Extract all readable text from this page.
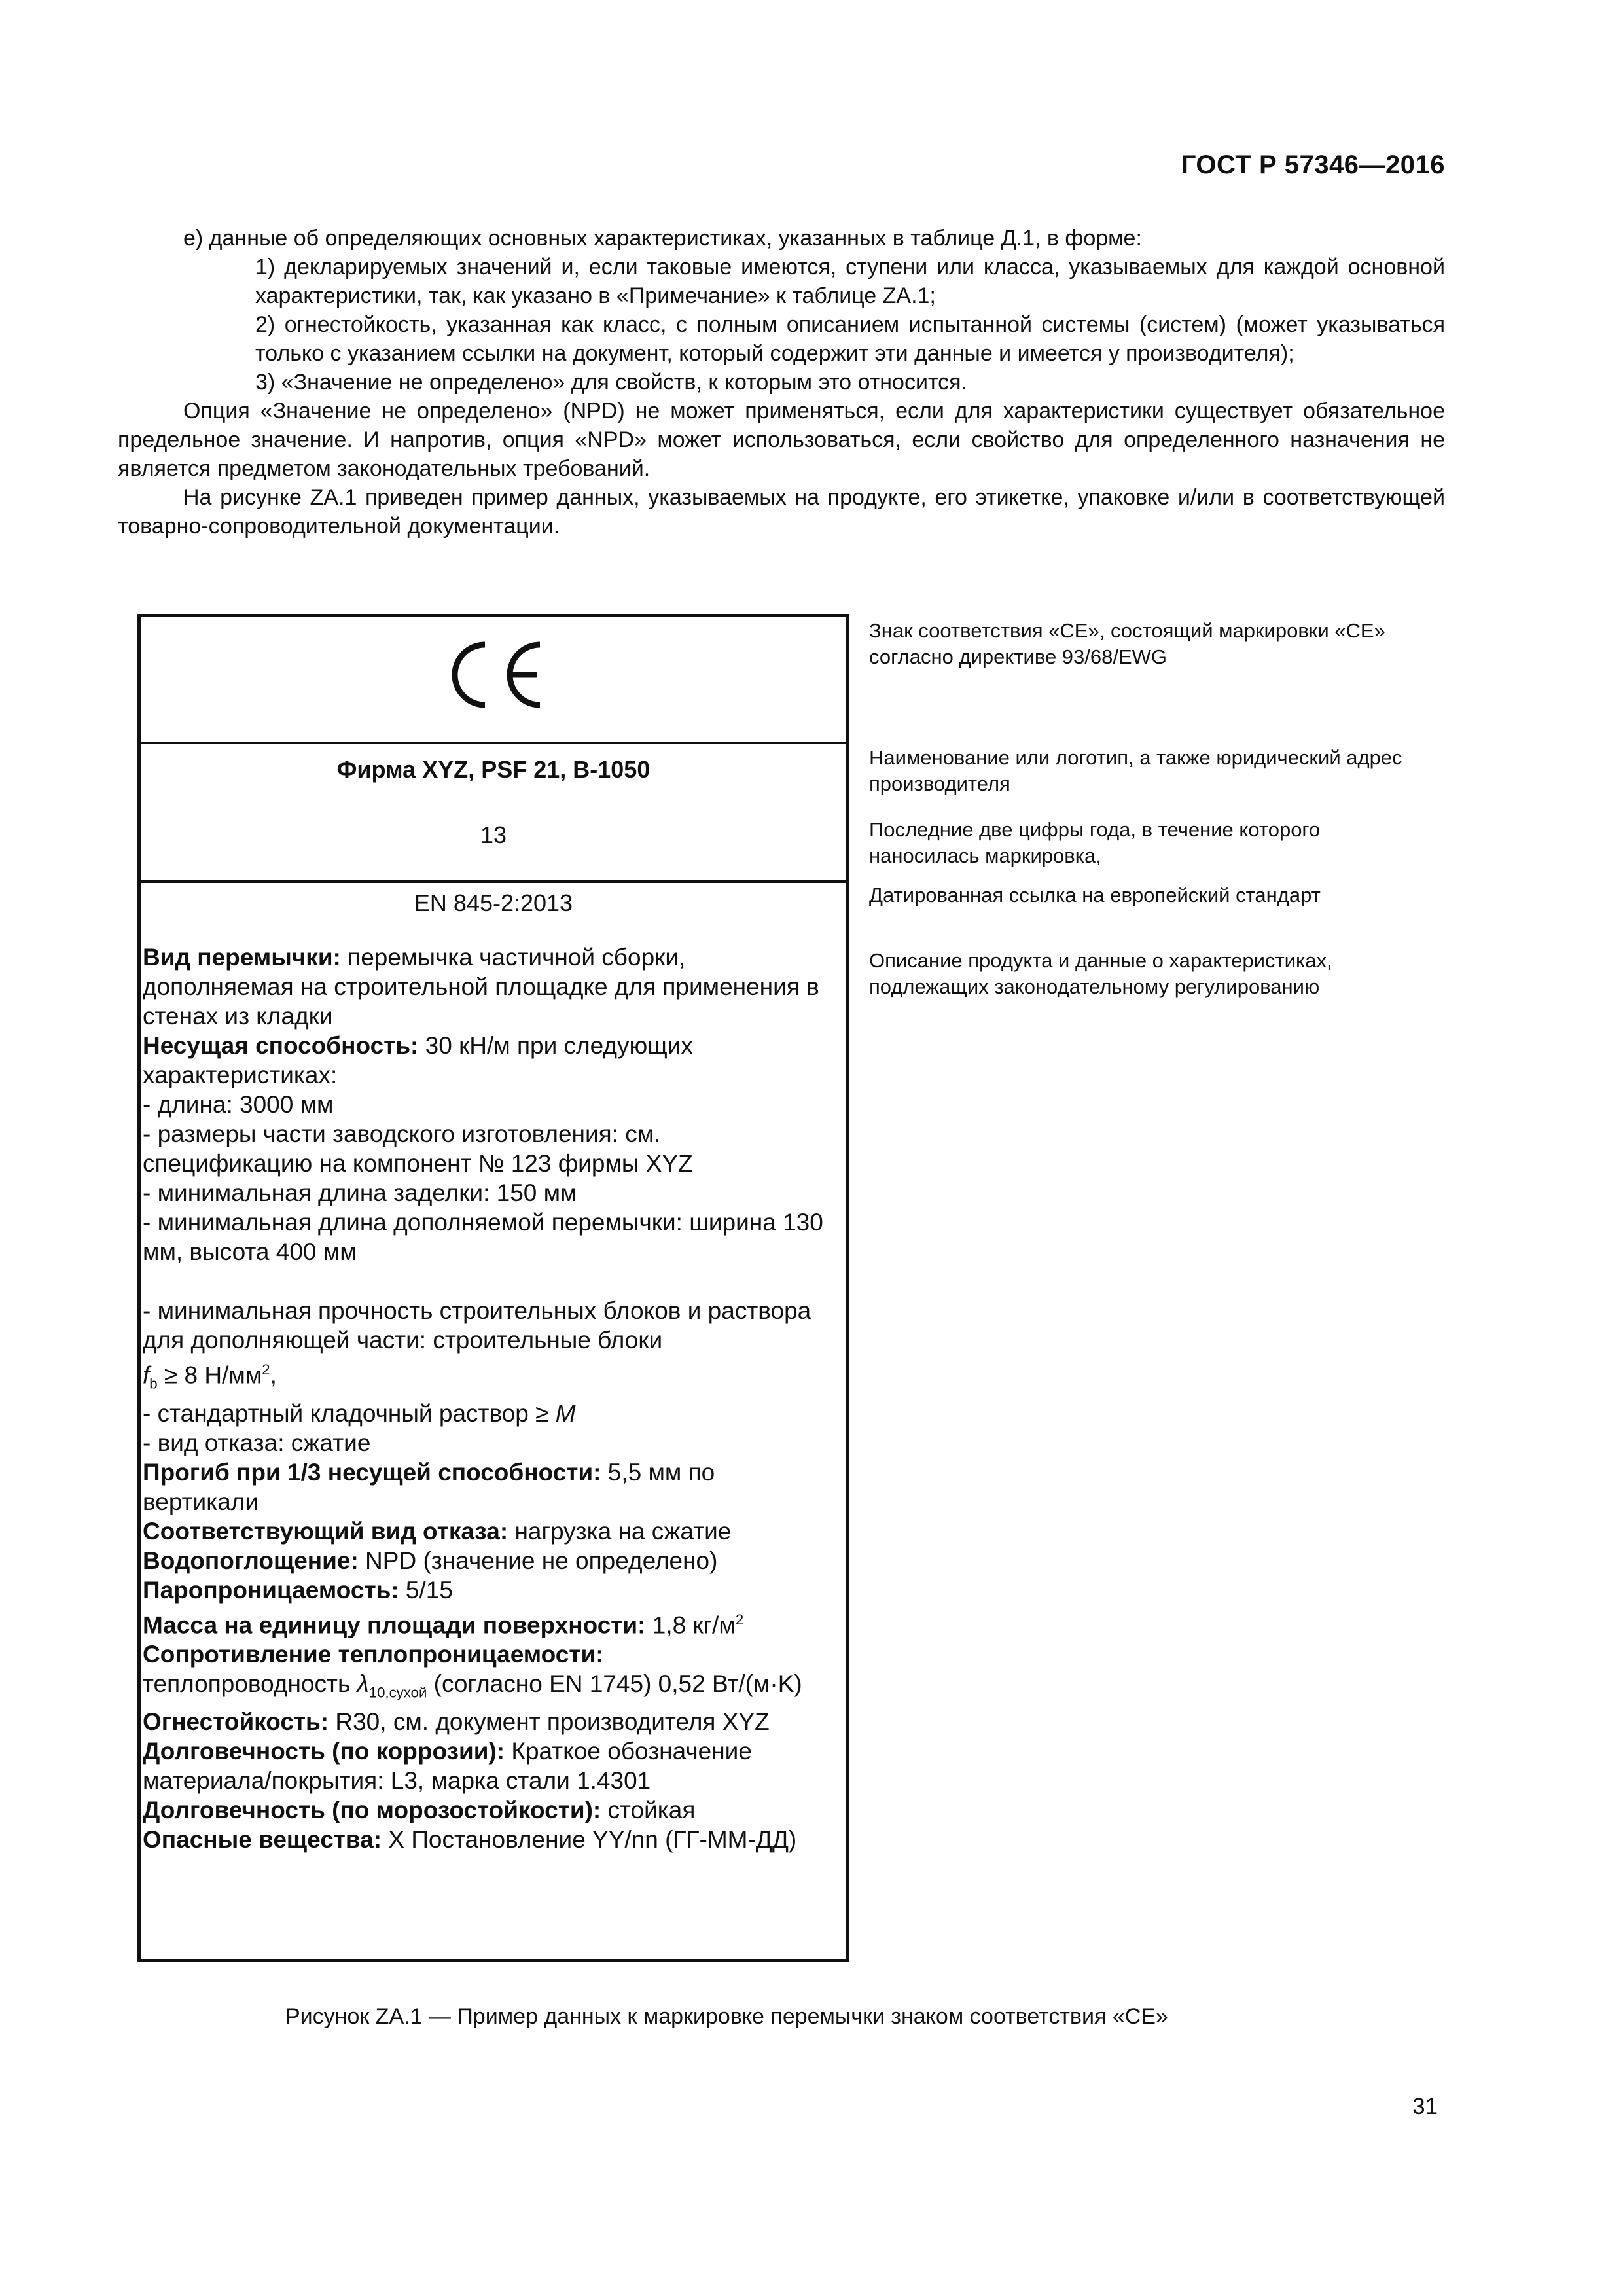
ГОСТ Р 57346—2016

е) данные об определяющих основных характеристиках, указанных в таблице Д.1, в форме:

1) декларируемых значений и, если таковые имеются, ступени или класса, указываемых для каждой основной характеристики, так, как указано в «Примечание» к таблице ZA.1;

2) огнестойкость, указанная как класс, с полным описанием испытанной системы (систем) (может указываться только с указанием ссылки на документ, который содержит эти данные и имеется у производителя);

3) «Значение не определено» для свойств, к которым это относится.

Опция «Значение не определено» (NPD) не может применяться, если для характеристики существует обязательное предельное значение. И напротив, опция «NPD» может использоваться, если свойство для определенного назначения не является предметом законодательных требований.

На рисунке ZA.1 приведен пример данных, указываемых на продукте, его этикетке, упаковке и/или в соответствующей товарно-сопроводительной документации.

Фирма XYZ, PSF 21, B-1050
13
EN 845-2:2013

Вид перемычки: перемычка частичной сборки, дополняемая на строительной площадке для применения в стенах из кладки

Несущая способность: 30 кН/м при следующих характеристиках:

- длина: 3000 мм

- размеры части заводского изготовления: см. спецификацию на компонент № 123 фирмы XYZ

- минимальная длина заделки: 150 мм

- минимальная длина дополняемой перемычки: ширина 130 мм, высота 400 мм

- минимальная прочность строительных блоков и раствора для дополняющей части: строительные блоки

$f_b \ge 8$ $Н/мм^2$,

- стандартный кладочный раствор ≥ M

- вид отказа: сжатие

Прогиб при 1/3 несущей способности: 5,5 мм по вертикали

Соответствующий вид отказа: нагрузка на сжатие

Водопоглощение: NPD (значение не определено)

Паропроницаемость: 5/15

Масса на единицу площади поверхности: 1,8 $кг/м^2$

Сопротивление теплопроницаемости:

теплопроводность $\lambda_{10,сухой}$ (согласно EN 1745) 0,52 Вт/(м·K)

Огнестойкость: R30, см. документ производителя XYZ

Долговечность (по коррозии): Краткое обозначение материала/покрытия: L3, марка стали 1.4301

Долговечность (по морозостойкости): стойкая

Опасные вещества: X Постановление YY/nn (ГГ-ММ-ДД)

Знак соответствия «СЕ», состоящий маркировки «СЕ» согласно директиве 93/68/EWG
Наименование или логотип, а также юридический адрес производителя
Последние две цифры года, в течение которого наносилась маркировка,
Датированная ссылка на европейский стандарт
Описание продукта и данные о характеристиках, подлежащих законодательному регулированию
Рисунок ZA.1 — Пример данных к маркировке перемычки знаком соответствия «СЕ»
31
